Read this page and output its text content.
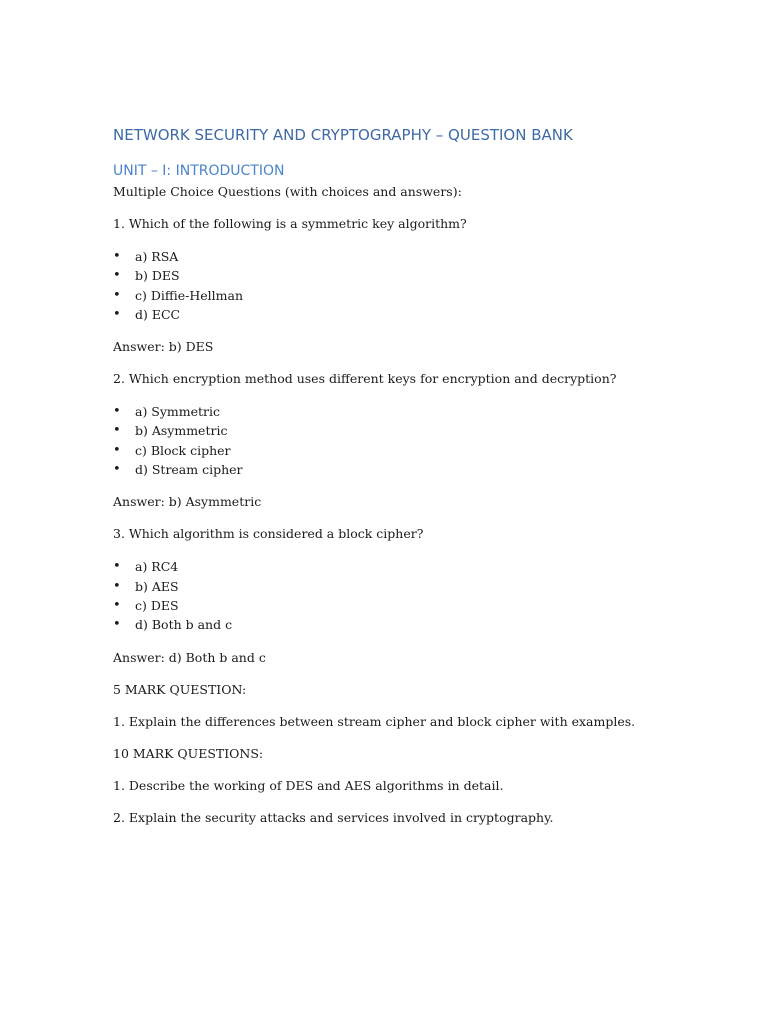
NETWORK SECURITY AND CRYPTOGRAPHY – QUESTION BANK
UNIT – I: INTRODUCTION

Multiple Choice Questions (with choices and answers):

1. Which of the following is a symmetric key algorithm?

• a) RSA
• b) DES
• c) Diffie-Hellman
• d) ECC

Answer: b) DES

2. Which encryption method uses different keys for encryption and decryption?

• a) Symmetric
• b) Asymmetric
• c) Block cipher
• d) Stream cipher

Answer: b) Asymmetric

3. Which algorithm is considered a block cipher?

• a) RC4
• b) AES
• c) DES
• d) Both b and c

Answer: d) Both b and c

5 MARK QUESTION:

1. Explain the differences between stream cipher and block cipher with examples.

10 MARK QUESTIONS:

1. Describe the working of DES and AES algorithms in detail.

2. Explain the security attacks and services involved in cryptography.
